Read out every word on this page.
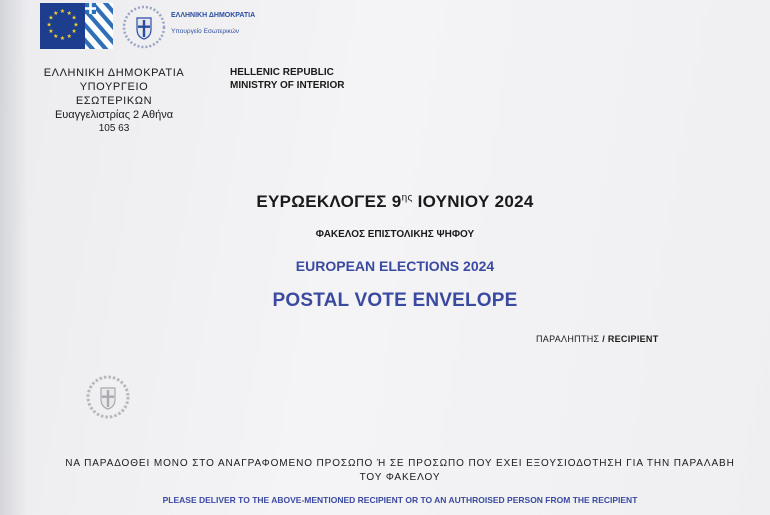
★ ★
★
★
★
★
★
★
★
★
★
★	ΕΛΛΗΝΙΚΗ ΔΗΜΟΚΡΑΤΙΑ
Υπουργείο Εσωτερικών
ΕΛΛΗΝΙΚΗ ΔΗΜΟΚΡΑΤΙΑ
ΥΠΟΥΡΓΕΙΟ
ΕΣΩΤΕΡΙΚΩΝ
Ευαγγελιστρίας 2 Αθήνα
105 63
HELLENIC REPUBLIC
MINISTRY OF INTERIOR
ΕΥΡΩΕΚΛΟΓΕΣ $9^{\eta\varsigma}$ ΙΟΥΝΙΟΥ 2024
ΦΑΚΕΛΟΣ ΕΠΙΣΤΟΛΙΚΗΣ ΨΗΦΟΥ
EUROPEAN ELECTIONS 2024
POSTAL VOTE ENVELOPE
ΠΑΡΑΛΗΠΤΗΣ / RECIPIENT
ΝΑ ΠΑΡΑΔΟΘΕΙ ΜΟΝΟ ΣΤΟ ΑΝΑΓΡΑΦΟΜΕΝΟ ΠΡΟΣΩΠΟ Ή ΣΕ ΠΡΟΣΩΠΟ ΠΟΥ ΕΧΕΙ ΕΞΟΥΣΙΟΔΟΤΗΣΗ ΓΙΑ ΤΗΝ ΠΑΡΑΛΑΒΗ ΤΟΥ ΦΑΚΕΛΟΥ
PLEASE DELIVER TO THE ABOVE-MENTIONED RECIPIENT OR TO AN AUTHROISED PERSON FROM THE RECIPIENT
